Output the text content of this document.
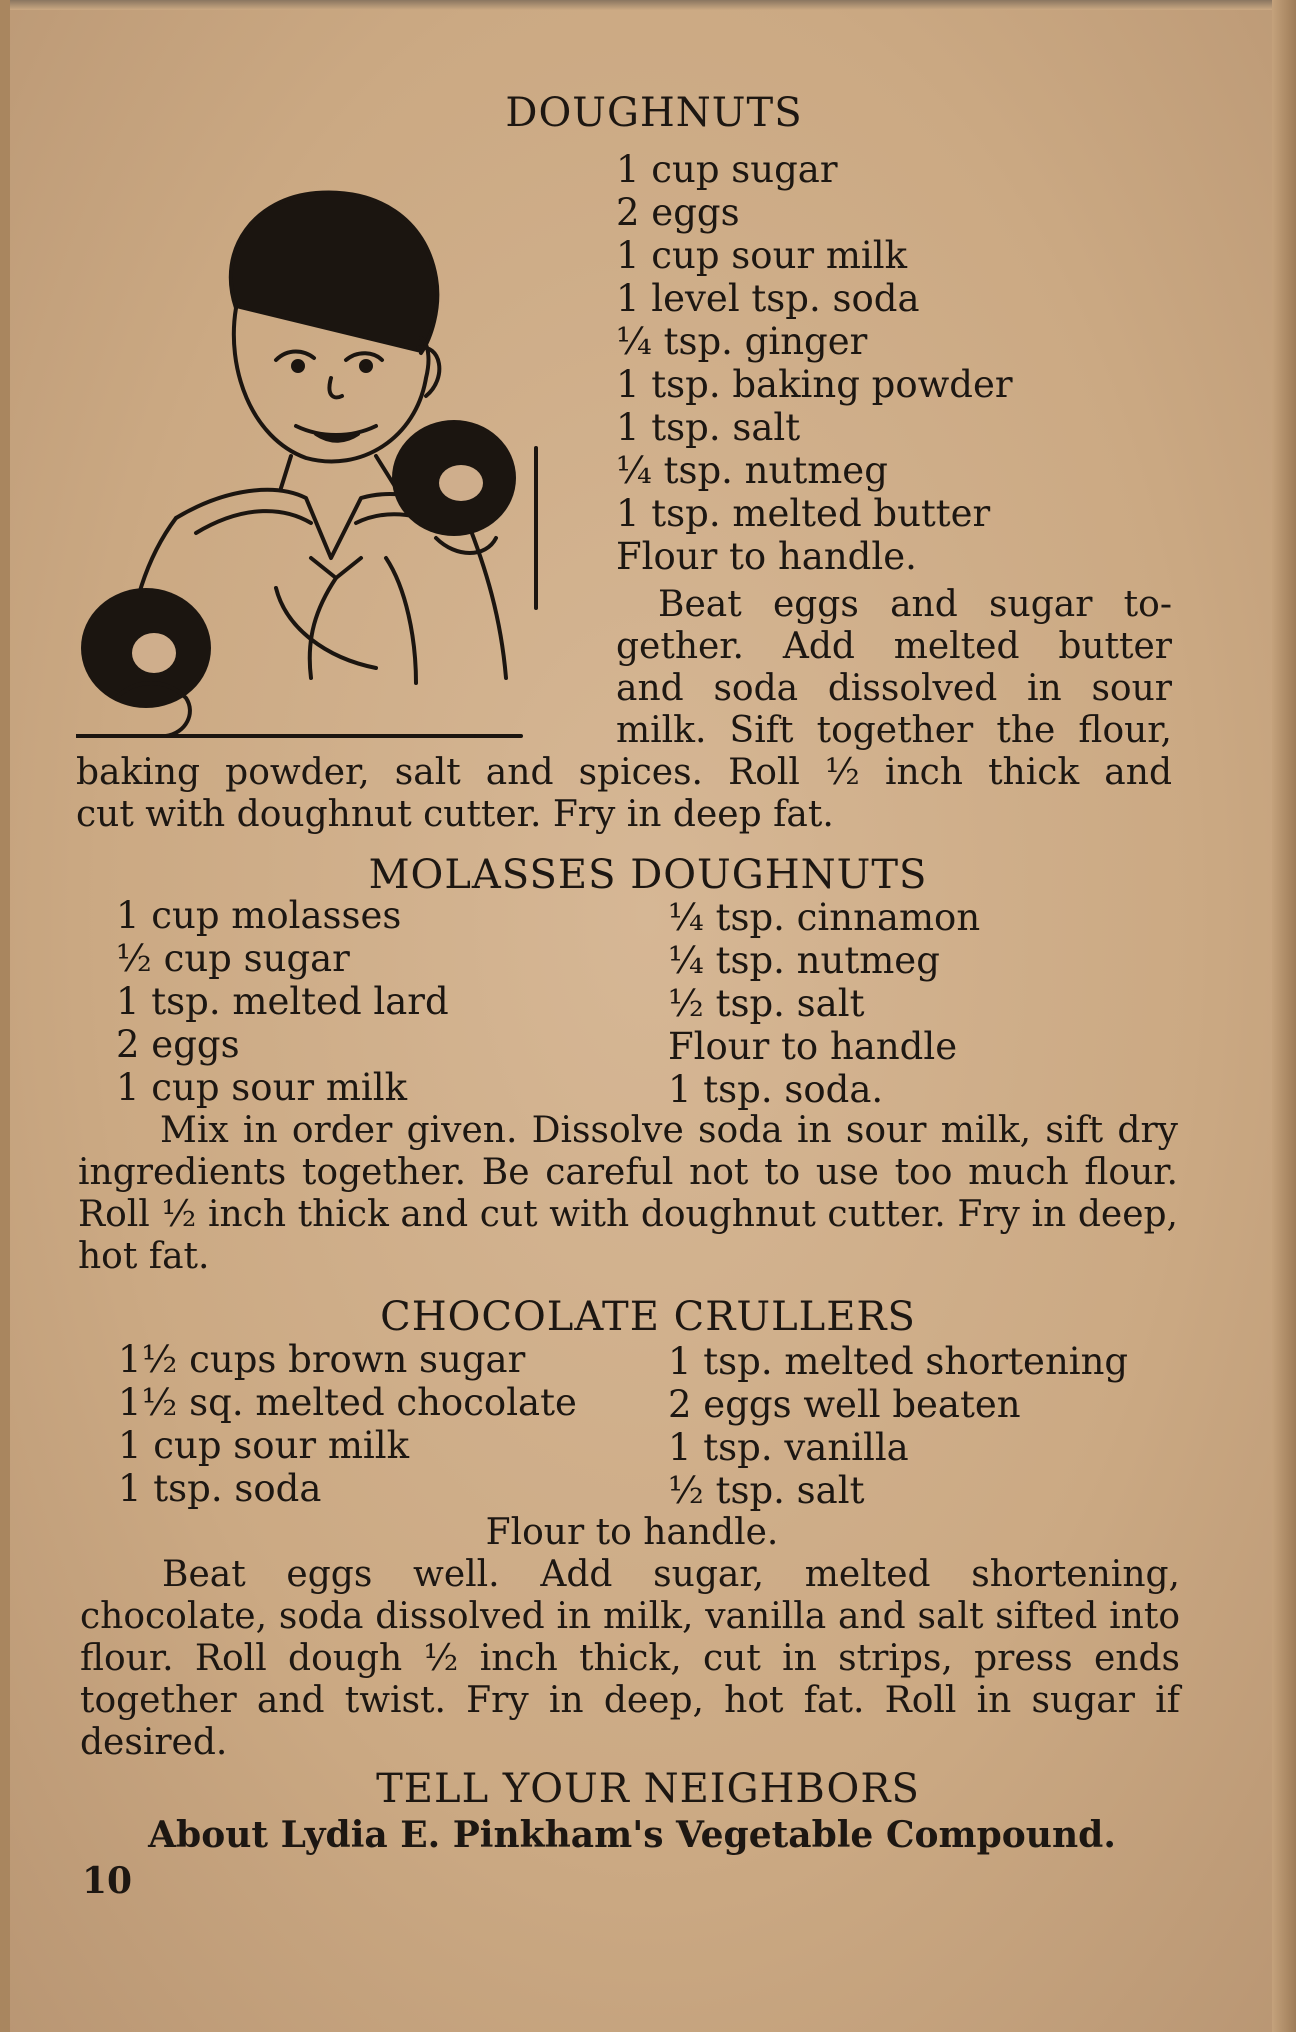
DOUGHNUTS
1 cup sugar
2 eggs
1 cup sour milk
1 level tsp. soda
¼ tsp. ginger
1 tsp. baking powder
1 tsp. salt
¼ tsp. nutmeg
1 tsp. melted butter
Flour to handle.
Beat eggs and sugar to-
gether. Add melted butter
and soda dissolved in sour
milk. Sift together the flour,
baking powder, salt and spices. Roll ½ inch thick and
cut with doughnut cutter. Fry in deep fat.
MOLASSES DOUGHNUTS
1 cup molasses
½ cup sugar
1 tsp. melted lard
2 eggs
1 cup sour milk
¼ tsp. cinnamon
¼ tsp. nutmeg
½ tsp. salt
Flour to handle
1 tsp. soda.
Mix in order given. Dissolve soda in sour milk, sift dry ingredients together. Be careful not to use too much flour. Roll ½ inch thick and cut with doughnut cutter. Fry in deep, hot fat.
CHOCOLATE CRULLERS
1½ cups brown sugar
1½ sq. melted chocolate
1 cup sour milk
1 tsp. soda
1 tsp. melted shortening
2 eggs well beaten
1 tsp. vanilla
½ tsp. salt
Flour to handle.
Beat eggs well. Add sugar, melted shortening, chocolate, soda dissolved in milk, vanilla and salt sifted into flour. Roll dough ½ inch thick, cut in strips, press ends together and twist. Fry in deep, hot fat. Roll in sugar if desired.
TELL YOUR NEIGHBORS
About Lydia E. Pinkham's Vegetable Compound.
10
